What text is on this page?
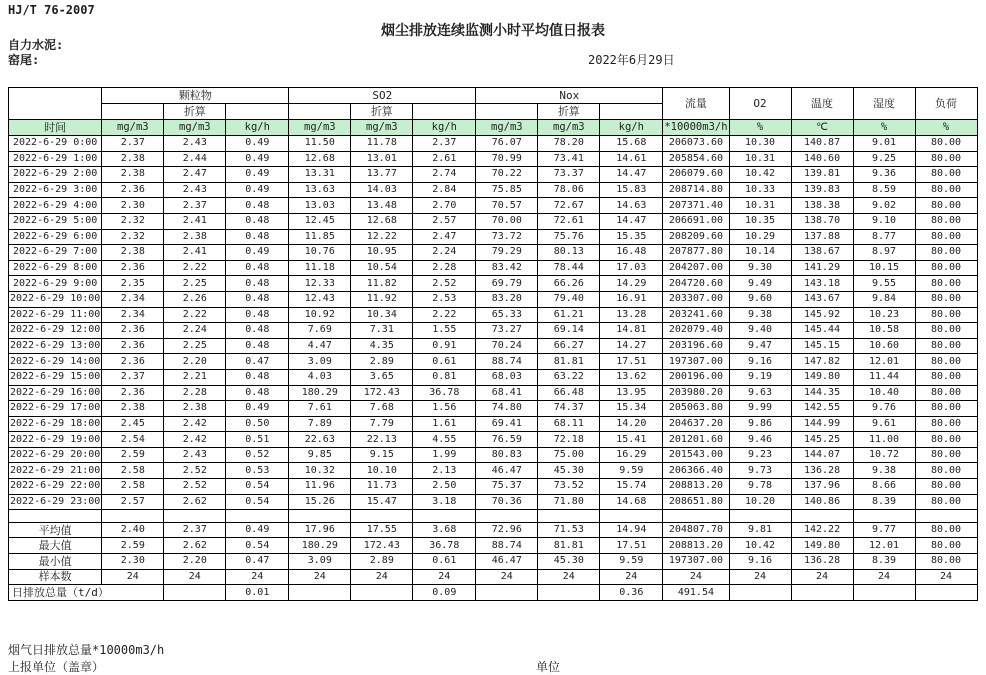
HJ/T 76-2007
烟尘排放连续监测小时平均值日报表
自力水泥:
窑尾:	2022年6月29日
	颗粒物			SO2			Nox			流量	O2	温度	湿度	负荷
		折算			折算			折算						
时间	mg/m3	mg/m3	kg/h	mg/m3	mg/m3	kg/h	mg/m3	mg/m3	kg/h	*10000m3/h	%	℃	%	%
2022-6-29 0:00	2.37	2.43	0.49	11.50	11.78	2.37	76.07	78.20	15.68	206073.60	10.30	140.87	9.01	80.00
2022-6-29 1:00	2.38	2.44	0.49	12.68	13.01	2.61	70.99	73.41	14.61	205854.60	10.31	140.60	9.25	80.00
2022-6-29 2:00	2.38	2.47	0.49	13.31	13.77	2.74	70.22	73.37	14.47	206079.60	10.42	139.81	9.36	80.00
2022-6-29 3:00	2.36	2.43	0.49	13.63	14.03	2.84	75.85	78.06	15.83	208714.80	10.33	139.83	8.59	80.00
2022-6-29 4:00	2.30	2.37	0.48	13.03	13.48	2.70	70.57	72.67	14.63	207371.40	10.31	138.38	9.02	80.00
2022-6-29 5:00	2.32	2.41	0.48	12.45	12.68	2.57	70.00	72.61	14.47	206691.00	10.35	138.70	9.10	80.00
2022-6-29 6:00	2.32	2.38	0.48	11.85	12.22	2.47	73.72	75.76	15.35	208209.60	10.29	137.88	8.77	80.00
2022-6-29 7:00	2.38	2.41	0.49	10.76	10.95	2.24	79.29	80.13	16.48	207877.80	10.14	138.67	8.97	80.00
2022-6-29 8:00	2.36	2.22	0.48	11.18	10.54	2.28	83.42	78.44	17.03	204207.00	9.30	141.29	10.15	80.00
2022-6-29 9:00	2.35	2.25	0.48	12.33	11.82	2.52	69.79	66.26	14.29	204720.60	9.49	143.18	9.55	80.00
2022-6-29 10:00	2.34	2.26	0.48	12.43	11.92	2.53	83.20	79.40	16.91	203307.00	9.60	143.67	9.84	80.00
2022-6-29 11:00	2.34	2.22	0.48	10.92	10.34	2.22	65.33	61.21	13.28	203241.60	9.38	145.92	10.23	80.00
2022-6-29 12:00	2.36	2.24	0.48	7.69	7.31	1.55	73.27	69.14	14.81	202079.40	9.40	145.44	10.58	80.00
2022-6-29 13:00	2.36	2.25	0.48	4.47	4.35	0.91	70.24	66.27	14.27	203196.60	9.47	145.15	10.60	80.00
2022-6-29 14:00	2.36	2.20	0.47	3.09	2.89	0.61	88.74	81.81	17.51	197307.00	9.16	147.82	12.01	80.00
2022-6-29 15:00	2.37	2.21	0.48	4.03	3.65	0.81	68.03	63.22	13.62	200196.00	9.19	149.80	11.44	80.00
2022-6-29 16:00	2.36	2.28	0.48	180.29	172.43	36.78	68.41	66.48	13.95	203980.20	9.63	144.35	10.40	80.00
2022-6-29 17:00	2.38	2.38	0.49	7.61	7.68	1.56	74.80	74.37	15.34	205063.80	9.99	142.55	9.76	80.00
2022-6-29 18:00	2.45	2.42	0.50	7.89	7.79	1.61	69.41	68.11	14.20	204637.20	9.86	144.99	9.61	80.00
2022-6-29 19:00	2.54	2.42	0.51	22.63	22.13	4.55	76.59	72.18	15.41	201201.60	9.46	145.25	11.00	80.00
2022-6-29 20:00	2.59	2.43	0.52	9.85	9.15	1.99	80.83	75.00	16.29	201543.00	9.23	144.07	10.72	80.00
2022-6-29 21:00	2.58	2.52	0.53	10.32	10.10	2.13	46.47	45.30	9.59	206366.40	9.73	136.28	9.38	80.00
2022-6-29 22:00	2.58	2.52	0.54	11.96	11.73	2.50	75.37	73.52	15.74	208813.20	9.78	137.96	8.66	80.00
2022-6-29 23:00	2.57	2.62	0.54	15.26	15.47	3.18	70.36	71.80	14.68	208651.80	10.20	140.86	8.39	80.00

平均值	2.40	2.37	0.49	17.96	17.55	3.68	72.96	71.53	14.94	204807.70	9.81	142.22	9.77	80.00
最大值	2.59	2.62	0.54	180.29	172.43	36.78	88.74	81.81	17.51	208813.20	10.42	149.80	12.01	80.00
最小值	2.30	2.20	0.47	3.09	2.89	0.61	46.47	45.30	9.59	197307.00	9.16	136.28	8.39	80.00
样本数	24	24	24	24	24	24	24	24	24	24	24	24	24	24
日排放总量（t/d）			0.01			0.09			0.36	491.54				
烟气日排放总量*10000m3/h
上报单位（盖章）	单位
